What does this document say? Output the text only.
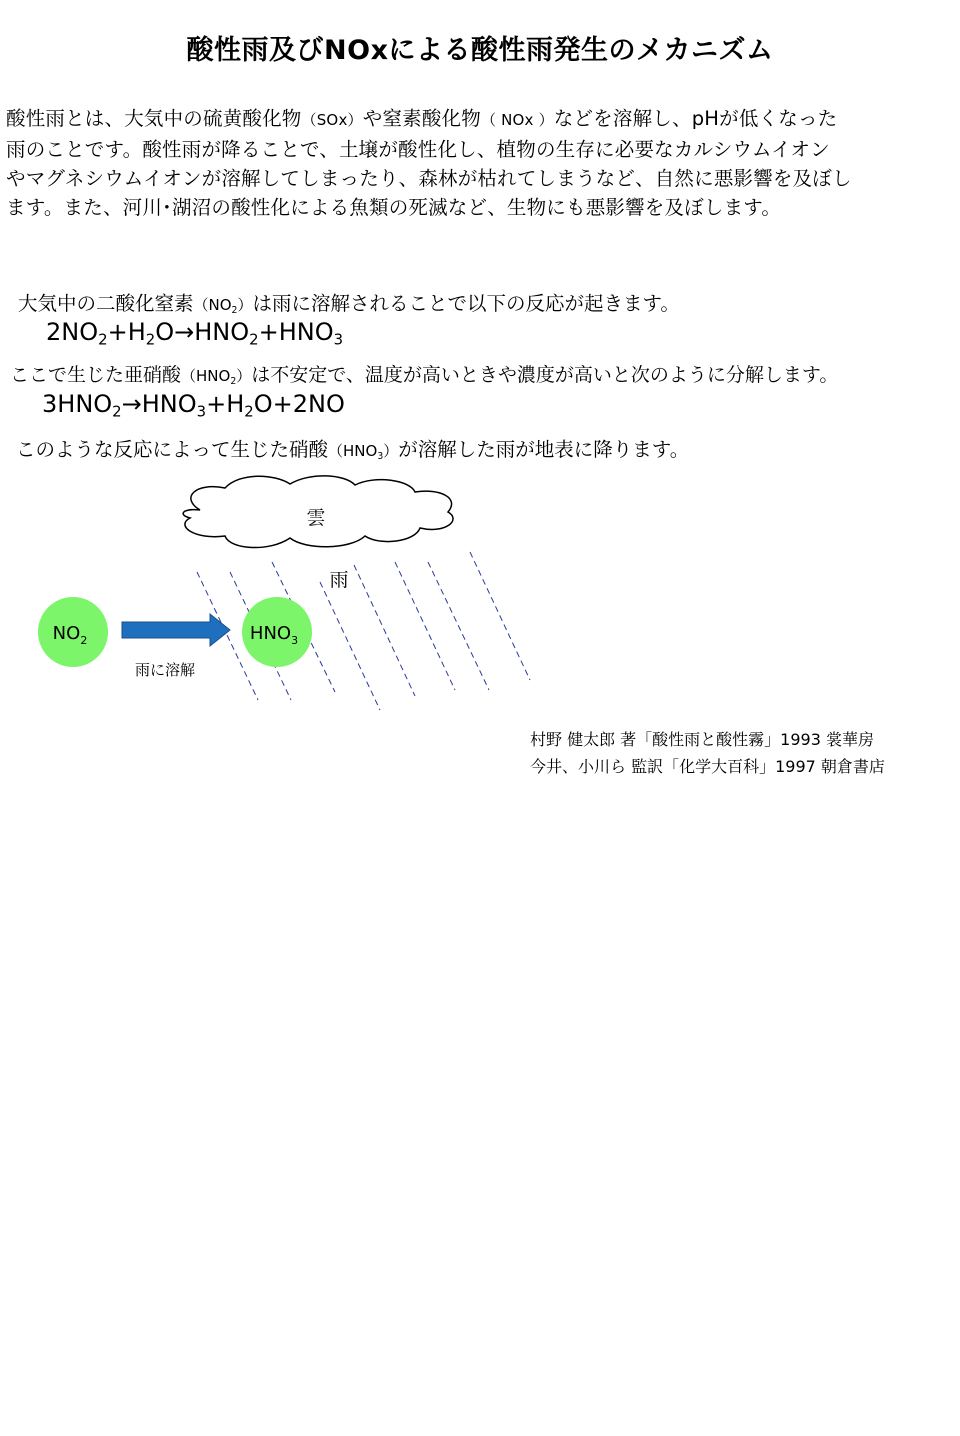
酸性雨及びNOxによる酸性雨発生のメカニズム
酸性雨とは、大気中の硫黄酸化物（SOx）や窒素酸化物（ NOx ）などを溶解し、pHが低くなった
雨のことです。酸性雨が降ることで、土壌が酸性化し、植物の生存に必要なカルシウムイオン
やマグネシウムイオンが溶解してしまったり、森林が枯れてしまうなど、自然に悪影響を及ぼし
ます。また、河川･湖沼の酸性化による魚類の死滅など、生物にも悪影響を及ぼします。
大気中の二酸化窒素$(NO_2)$は雨に溶解されることで以下の反応が起きます。
$2NO_2+H_2O\to HNO_2+HNO_3$
ここで生じた亜硝酸$(HNO_2)$は不安定で、温度が高いときや濃度が高いと次のように分解します。
$3HNO_2\to HNO_3+H_2O+2NO$
このような反応によって生じた硝酸$(HNO_3)$が溶解した雨が地表に降ります。
雲
雨
$NO_2$
雨に溶解
$HNO_3$
村野 健太郎 著「酸性雨と酸性霧」1993 裳華房
今井、小川ら 監訳「化学大百科」1997 朝倉書店
